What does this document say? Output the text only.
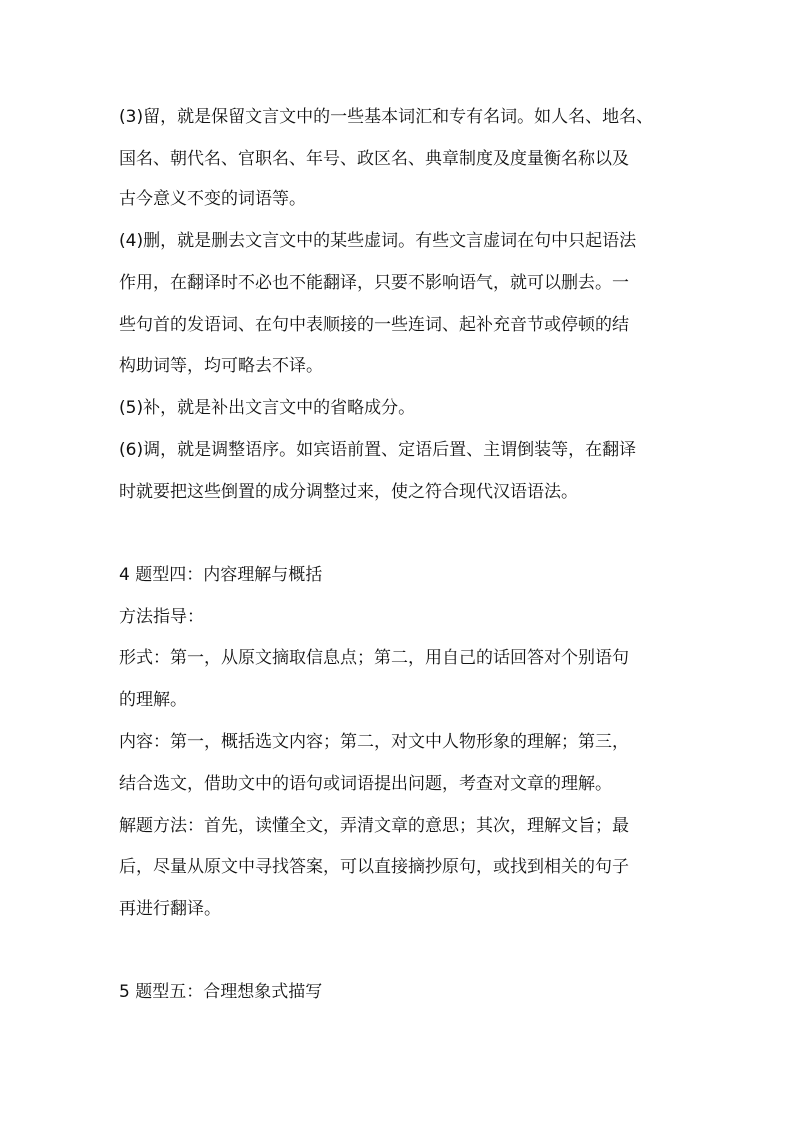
(3)留，就是保留文言文中的一些基本词汇和专有名词。如人名、地名、
国名、朝代名、官职名、年号、政区名、典章制度及度量衡名称以及
古今意义不变的词语等。
(4)删，就是删去文言文中的某些虚词。有些文言虚词在句中只起语法
作用，在翻译时不必也不能翻译，只要不影响语气，就可以删去。一
些句首的发语词、在句中表顺接的一些连词、起补充音节或停顿的结
构助词等，均可略去不译。
(5)补，就是补出文言文中的省略成分。
(6)调，就是调整语序。如宾语前置、定语后置、主谓倒装等，在翻译
时就要把这些倒置的成分调整过来，使之符合现代汉语语法。
4 题型四：内容理解与概括
方法指导：
形式：第一，从原文摘取信息点；第二，用自己的话回答对个别语句
的理解。
内容：第一，概括选文内容；第二，对文中人物形象的理解；第三，
结合选文，借助文中的语句或词语提出问题，考查对文章的理解。
解题方法：首先，读懂全文，弄清文章的意思；其次，理解文旨；最
后，尽量从原文中寻找答案，可以直接摘抄原句，或找到相关的句子
再进行翻译。
5 题型五：合理想象式描写
